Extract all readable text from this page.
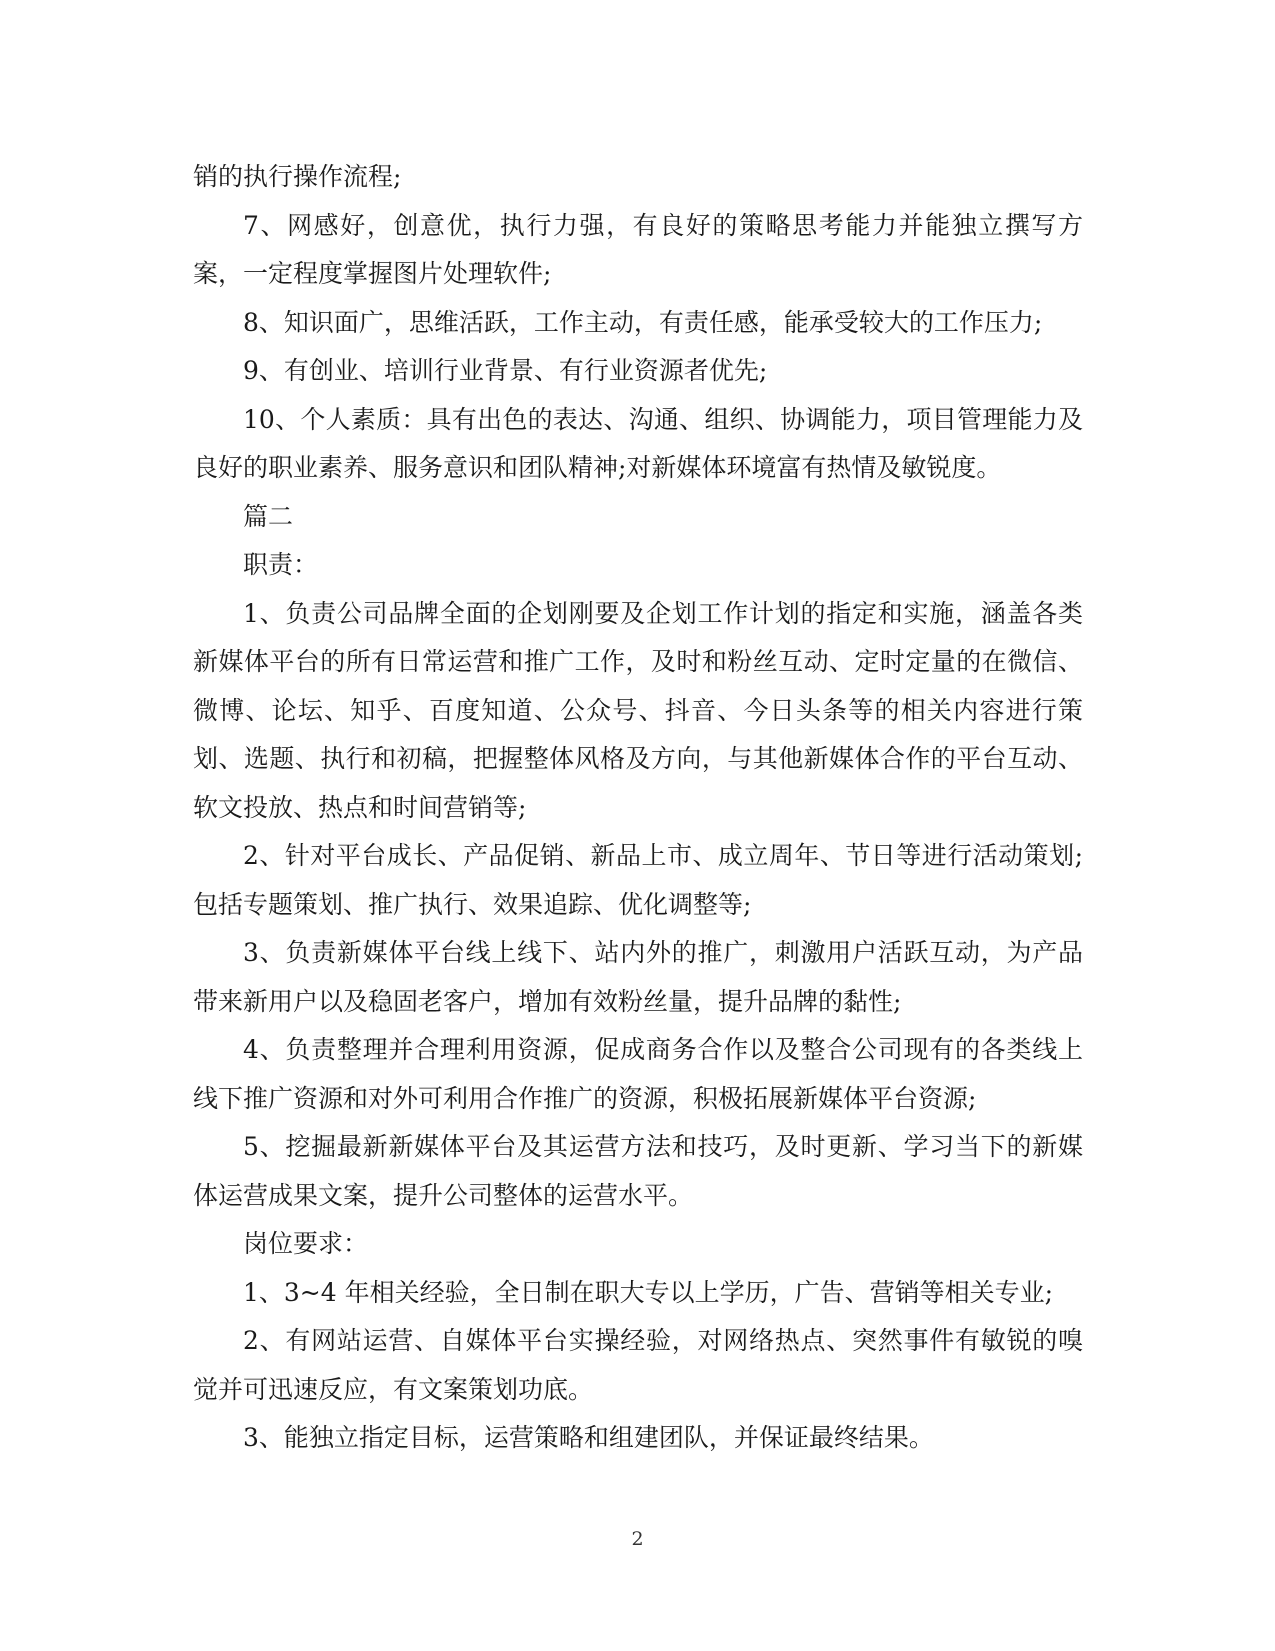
销的执行操作流程;

7、网感好，创意优，执行力强，有良好的策略思考能力并能独立撰写方案，一定程度掌握图片处理软件;

8、知识面广，思维活跃，工作主动，有责任感，能承受较大的工作压力;

9、有创业、培训行业背景、有行业资源者优先;

10、个人素质：具有出色的表达、沟通、组织、协调能力，项目管理能力及良好的职业素养、服务意识和团队精神;对新媒体环境富有热情及敏锐度。

篇二

职责：

1、负责公司品牌全面的企划刚要及企划工作计划的指定和实施，涵盖各类新媒体平台的所有日常运营和推广工作，及时和粉丝互动、定时定量的在微信、微博、论坛、知乎、百度知道、公众号、抖音、今日头条等的相关内容进行策划、选题、执行和初稿，把握整体风格及方向，与其他新媒体合作的平台互动、软文投放、热点和时间营销等;

2、针对平台成长、产品促销、新品上市、成立周年、节日等进行活动策划;包括专题策划、推广执行、效果追踪、优化调整等;

3、负责新媒体平台线上线下、站内外的推广，刺激用户活跃互动，为产品带来新用户以及稳固老客户，增加有效粉丝量，提升品牌的黏性;

4、负责整理并合理利用资源，促成商务合作以及整合公司现有的各类线上线下推广资源和对外可利用合作推广的资源，积极拓展新媒体平台资源;

5、挖掘最新新媒体平台及其运营方法和技巧，及时更新、学习当下的新媒体运营成果文案，提升公司整体的运营水平。

岗位要求：

1、3~4 年相关经验，全日制在职大专以上学历，广告、营销等相关专业;

2、有网站运营、自媒体平台实操经验，对网络热点、突然事件有敏锐的嗅觉并可迅速反应，有文案策划功底。

3、能独立指定目标，运营策略和组建团队，并保证最终结果。

2
